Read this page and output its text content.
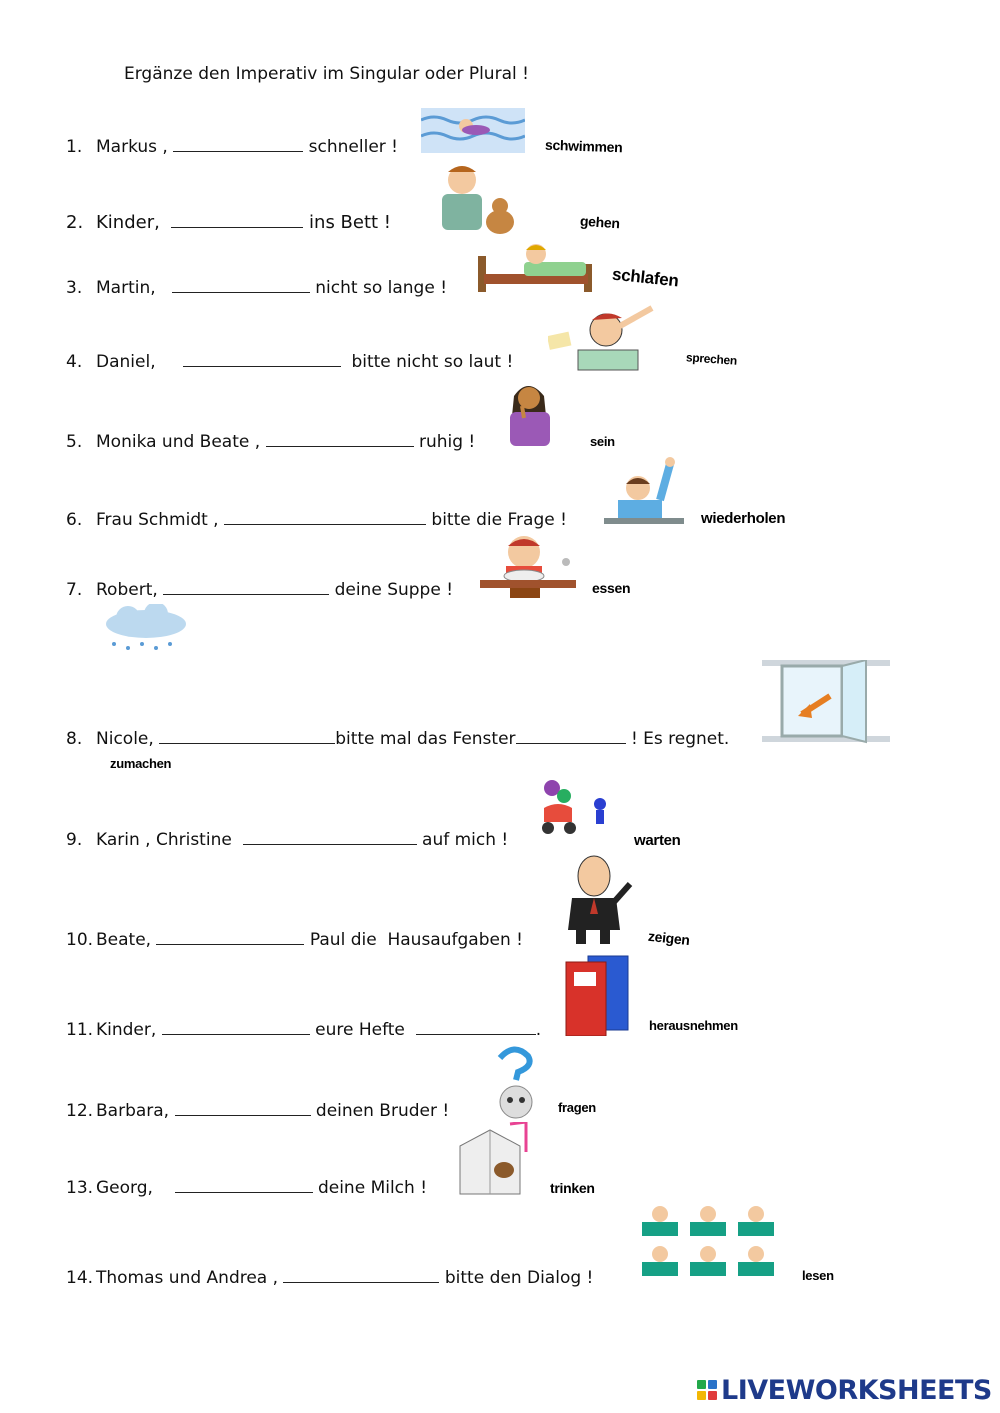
Ergänze den Imperativ im Singular oder Plural !
1. Markus ,	schneller !	schwimmen
2. Kinder,	ins Bett !	gehen
3. Martin,	nicht so lange !	schlafen
4. Daniel,	bitte nicht so laut !	sprechen
5. Monika und Beate ,	ruhig !	sein
6. Frau Schmidt ,	bitte die Frage !	wiederholen
7. Robert,	deine Suppe !	essen
8. Nicole,	bitte mal das Fenster	! Es regnet.
zumachen
9. Karin , Christine	auf mich !	warten
10. Beate,	Paul die  Hausaufgaben !	zeigen
11. Kinder,	eure Hefte	.	herausnehmen
12. Barbara,	deinen Bruder !	fragen
13. Georg,	deine Milch !	trinken
14. Thomas und Andrea ,	bitte den Dialog !	lesen
LIVEWORKSHEETS
